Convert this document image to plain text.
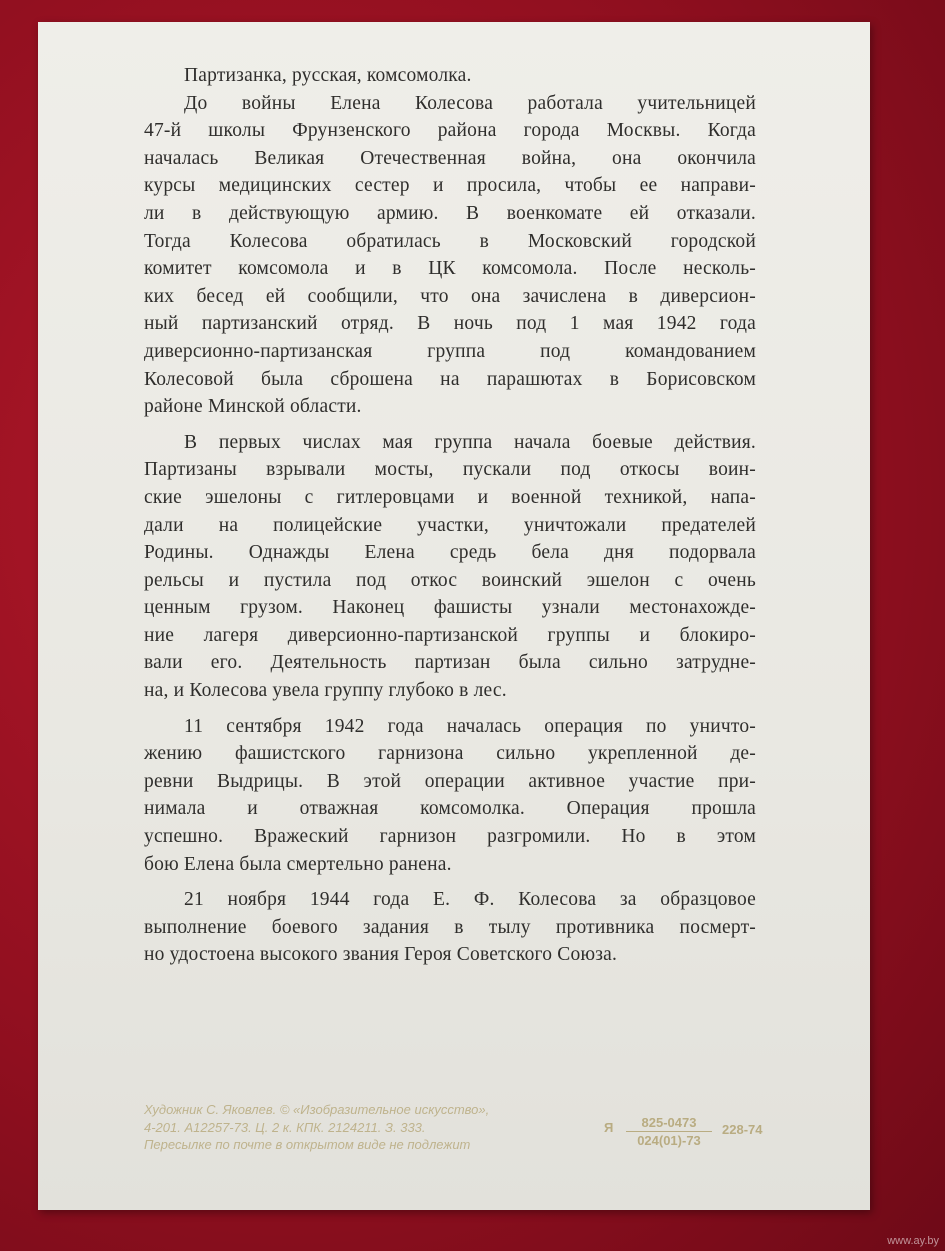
Партизанка, русская, комсомолка.
До войны Елена Колесова работала учительницей
47-й школы Фрунзенского района города Москвы. Когда
началась Великая Отечественная война, она окончила
курсы медицинских сестер и просила, чтобы ее направи-
ли в действующую армию. В военкомате ей отказали.
Тогда Колесова обратилась в Московский городской
комитет комсомола и в ЦК комсомола. После несколь-
ких бесед ей сообщили, что она зачислена в диверсион-
ный партизанский отряд. В ночь под 1 мая 1942 года
диверсионно-партизанская группа под командованием
Колесовой была сброшена на парашютах в Борисовском
районе Минской области.
В первых числах мая группа начала боевые действия.
Партизаны взрывали мосты, пускали под откосы воин-
ские эшелоны с гитлеровцами и военной техникой, напа-
дали на полицейские участки, уничтожали предателей
Родины. Однажды Елена средь бела дня подорвала
рельсы и пустила под откос воинский эшелон с очень
ценным грузом. Наконец фашисты узнали местонахожде-
ние лагеря диверсионно-партизанской группы и блокиро-
вали его. Деятельность партизан была сильно затрудне-
на, и Колесова увела группу глубоко в лес.
11 сентября 1942 года началась операция по уничто-
жению фашистского гарнизона сильно укрепленной де-
ревни Выдрицы. В этой операции активное участие при-
нимала и отважная комсомолка. Операция прошла
успешно. Вражеский гарнизон разгромили. Но в этом
бою Елена была смертельно ранена.
21 ноября 1944 года Е. Ф. Колесова за образцовое
выполнение боевого задания в тылу противника посмерт-
но удостоена высокого звания Героя Советского Союза.
Художник С. Яковлев. © «Изобразительное искусство»,
4-201. А12257-73. Ц. 2 к. КПК. 2124211. З. 333.
Пересылке по почте в открытом виде не подлежит
Я	825-0473
024(01)-73
228-74
www.ay.by
